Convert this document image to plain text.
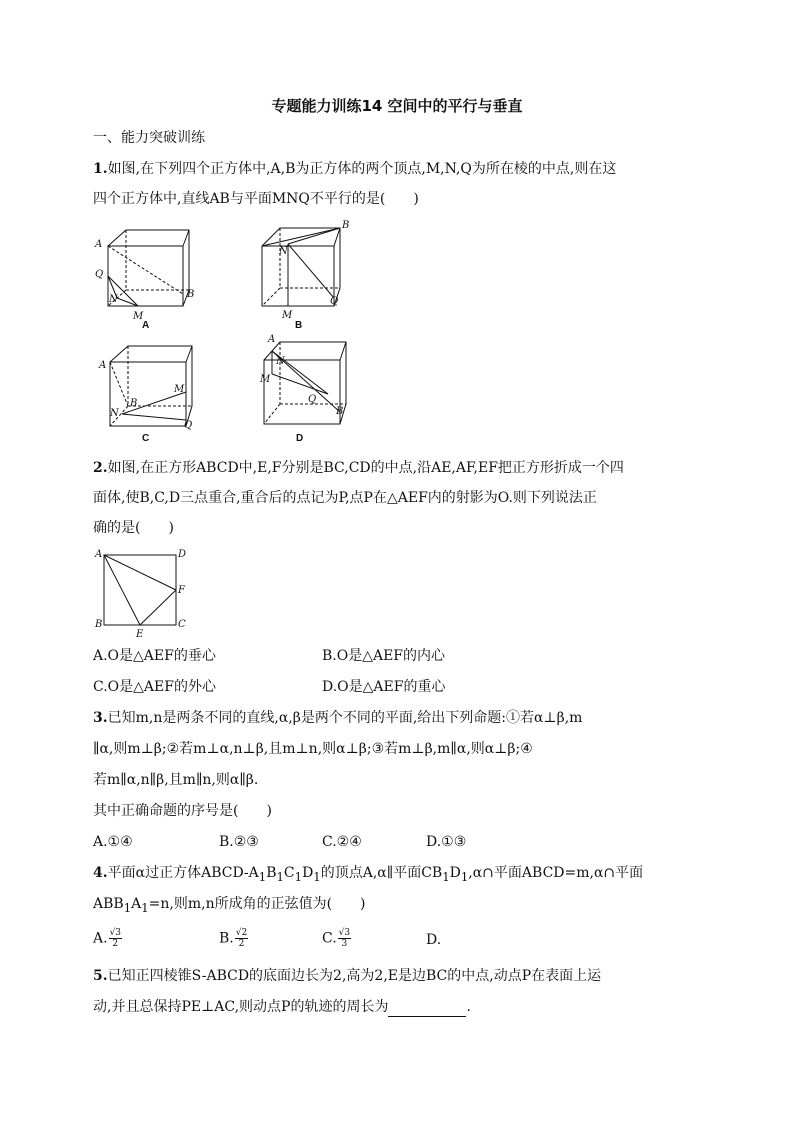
专题能力训练14 空间中的平行与垂直
一、能力突破训练
1.如图,在下列四个正方体中,A,B为正方体的两个顶点,M,N,Q为所在棱的中点,则在这
四个正方体中,直线AB与平面MNQ不平行的是(　　)
A
Q
N
M
B
A
B
N
M
Q
B
A
M
B
N
Q
C
A
N
M
Q
B
D
2.如图,在正方形ABCD中,E,F分别是BC,CD的中点,沿AE,AF,EF把正方形折成一个四
面体,使B,C,D三点重合,重合后的点记为P,点P在△AEF内的射影为O.则下列说法正
确的是(　　)
A	D
F
B
E
C
A.O是△AEF的垂心	B.O是△AEF的内心
C.O是△AEF的外心	D.O是△AEF的重心
3.已知m,n是两条不同的直线,α,β是两个不同的平面,给出下列命题:①若α⊥β,m
∥α,则m⊥β;②若m⊥α,n⊥β,且m⊥n,则α⊥β;③若m⊥β,m∥α,则α⊥β;④
若m∥α,n∥β,且m∥n,则α∥β.
其中正确命题的序号是(　　)
A.①④	B.②③	C.②④	D.①③
4.平面α过正方体ABCD-$A_1B_1C_1D_1$的顶点A,α∥平面$CB_1D_1,\alpha\cap$平面ABCD=m,α∩平面
$ABB_1A_1=n$,则m,n所成角的正弦值为(　　)
A. $\frac{√3}{2}$	B. $\frac{√2}{2}$	C. $\frac{√3}{3}$	D.
5.已知正四棱锥S-ABCD的底面边长为2,高为2,E是边BC的中点,动点P在表面上运
动,并且总保持PE⊥AC,则动点P的轨迹的周长为	.
